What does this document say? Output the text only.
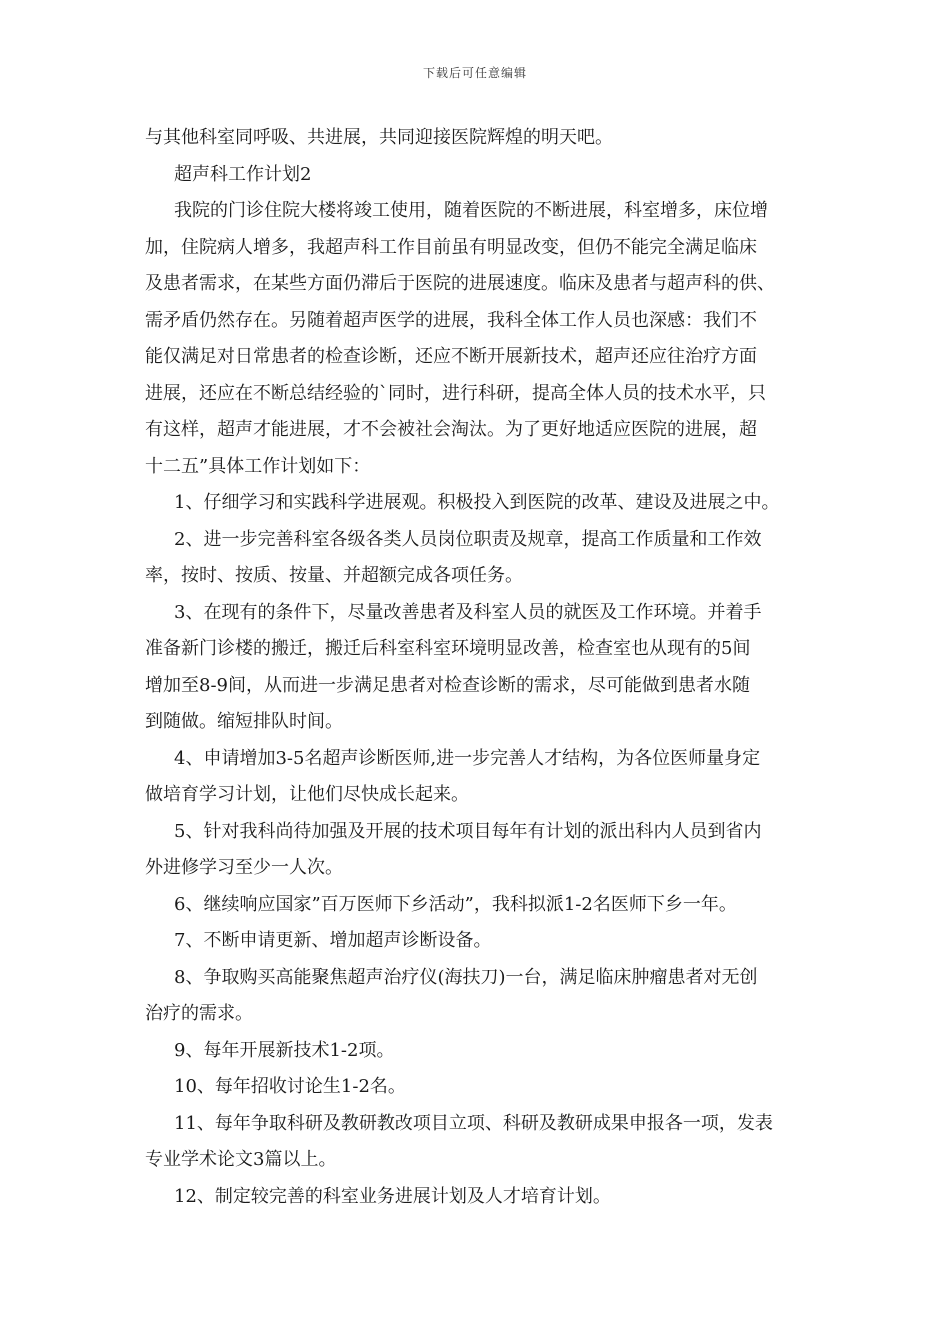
下载后可任意编辑
与其他科室同呼吸、共进展，共同迎接医院辉煌的明天吧。
超声科工作计划2
我院的门诊住院大楼将竣工使用，随着医院的不断进展，科室增多，床位增
加，住院病人增多，我超声科工作目前虽有明显改变，但仍不能完全满足临床
及患者需求，在某些方面仍滞后于医院的进展速度。临床及患者与超声科的供、
需矛盾仍然存在。另随着超声医学的进展，我科全体工作人员也深感：我们不
能仅满足对日常患者的检查诊断，还应不断开展新技术，超声还应往治疗方面
进展，还应在不断总结经验的`同时，进行科研，提高全体人员的技术水平，只
有这样，超声才能进展，才不会被社会淘汰。为了更好地适应医院的进展，超
十二五”具体工作计划如下：
1、仔细学习和实践科学进展观。积极投入到医院的改革、建设及进展之中。
2、进一步完善科室各级各类人员岗位职责及规章，提高工作质量和工作效
率，按时、按质、按量、并超额完成各项任务。
3、在现有的条件下，尽量改善患者及科室人员的就医及工作环境。并着手
准备新门诊楼的搬迁，搬迁后科室科室环境明显改善，检查室也从现有的5间
增加至8-9间，从而进一步满足患者对检查诊断的需求，尽可能做到患者水随
到随做。缩短排队时间。
4、申请增加3-5名超声诊断医师,进一步完善人才结构，为各位医师量身定
做培育学习计划，让他们尽快成长起来。
5、针对我科尚待加强及开展的技术项目每年有计划的派出科内人员到省内
外进修学习至少一人次。
6、继续响应国家”百万医师下乡活动”，我科拟派1-2名医师下乡一年。
7、不断申请更新、增加超声诊断设备。
8、争取购买高能聚焦超声治疗仪(海扶刀)一台，满足临床肿瘤患者对无创
治疗的需求。
9、每年开展新技术1-2项。
10、每年招收讨论生1-2名。
11、每年争取科研及教研教改项目立项、科研及教研成果申报各一项，发表
专业学术论文3篇以上。
12、制定较完善的科室业务进展计划及人才培育计划。
